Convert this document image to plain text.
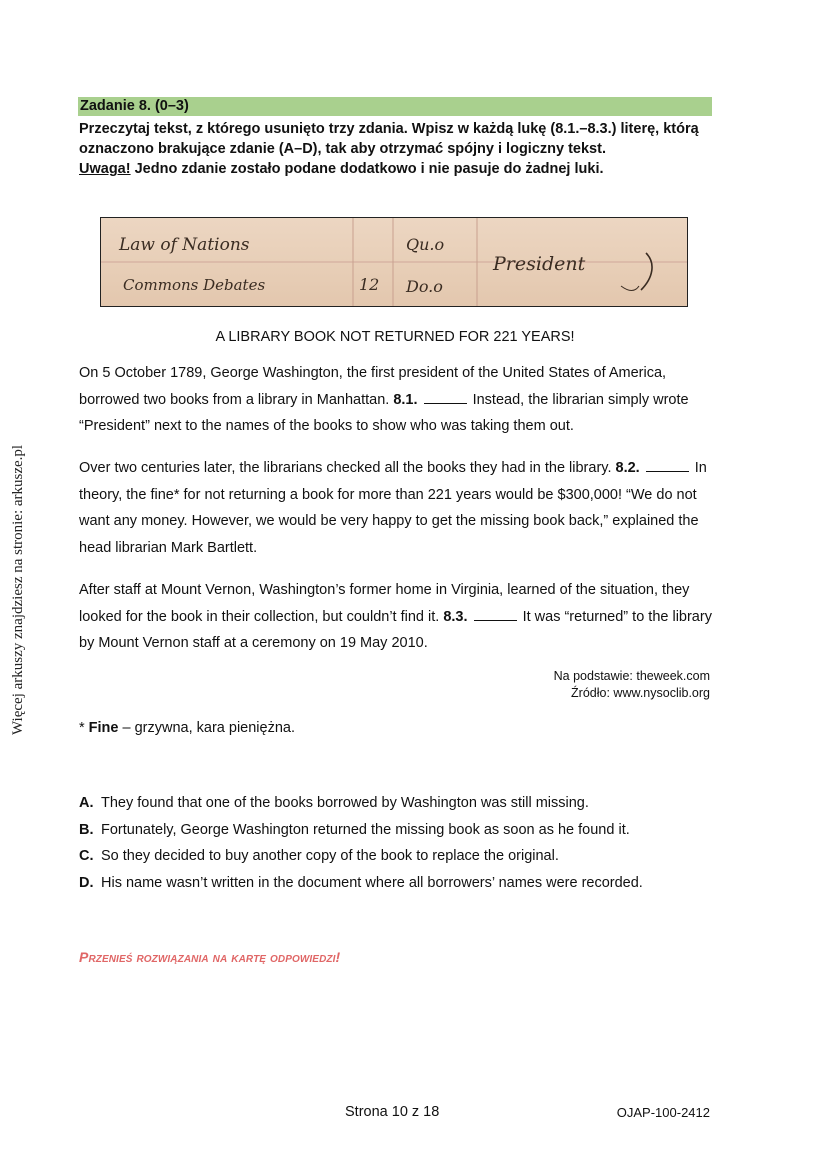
Więcej arkuszy znajdziesz na stronie: arkusze.pl
Zadanie 8. (0–3)
Przeczytaj tekst, z którego usunięto trzy zdania. Wpisz w każdą lukę (8.1.–8.3.) literę, którą oznaczono brakujące zdanie (A–D), tak aby otrzymać spójny i logiczny tekst.
Uwaga! Jedno zdanie zostało podane dodatkowo i nie pasuje do żadnej luki.
Law of Nations
Commons Debates	12
Qu.o
Do.o
President
A LIBRARY BOOK NOT RETURNED FOR 221 YEARS!
On 5 October 1789, George Washington, the first president of the United States of America, borrowed two books from a library in Manhattan. 8.1.	Instead, the librarian simply wrote “President” next to the names of the books to show who was taking them out.
Over two centuries later, the librarians checked all the books they had in the library. 8.2.	In theory, the fine* for not returning a book for more than 221 years would be $300,000! “We do not want any money. However, we would be very happy to get the missing book back,” explained the head librarian Mark Bartlett.
After staff at Mount Vernon, Washington’s former home in Virginia, learned of the situation, they looked for the book in their collection, but couldn’t find it. 8.3.	It was “returned” to the library by Mount Vernon staff at a ceremony on 19 May 2010.
Na podstawie: theweek.com
Źródło: www.nysoclib.org
* Fine – grzywna, kara pieniężna.
A. They found that one of the books borrowed by Washington was still missing.
B. Fortunately, George Washington returned the missing book as soon as he found it.
C. So they decided to buy another copy of the book to replace the original.
D. His name wasn’t written in the document where all borrowers’ names were recorded.
Przenieś rozwiązania na kartę odpowiedzi!
Strona 10 z 18	OJAP-100-2412
